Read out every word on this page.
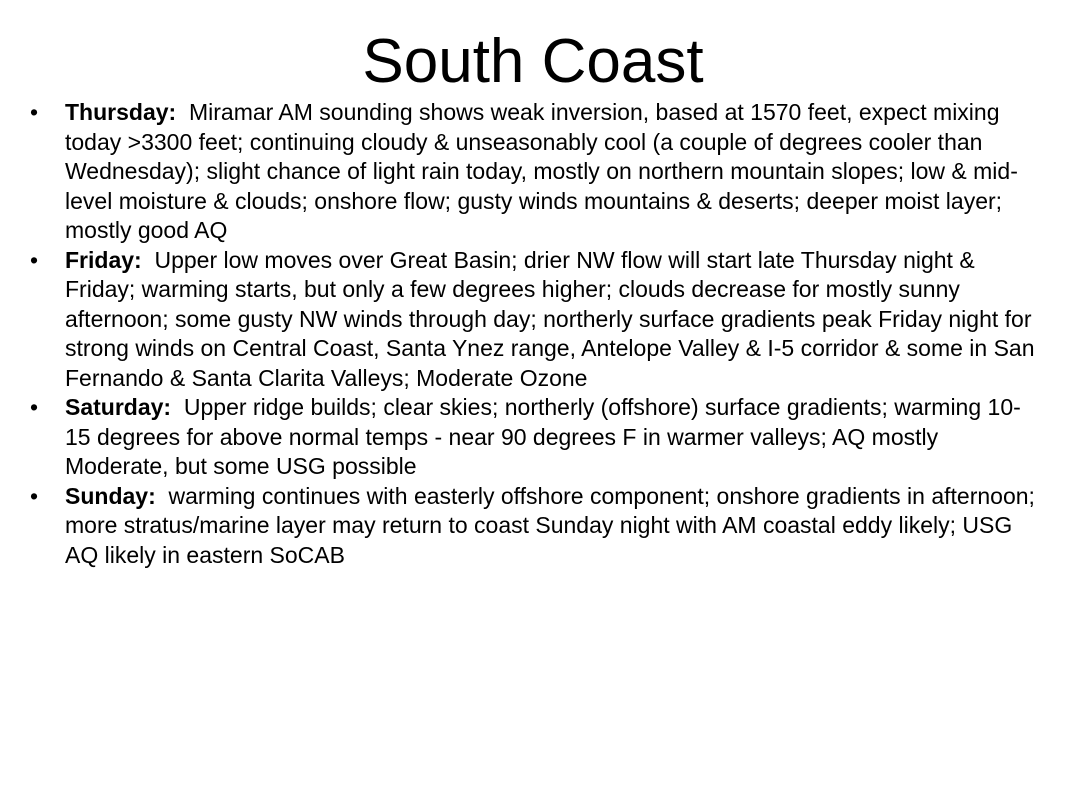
South Coast
•	Thursday: Miramar AM sounding shows weak inversion, based at 1570 feet, expect mixing today >3300 feet; continuing cloudy & unseasonably cool (a couple of degrees cooler than Wednesday); slight chance of light rain today, mostly on northern mountain slopes; low & mid-level moisture & clouds; onshore flow; gusty winds mountains & deserts; deeper moist layer; mostly good AQ
•	Friday: Upper low moves over Great Basin; drier NW flow will start late Thursday night & Friday; warming starts, but only a few degrees higher; clouds decrease for mostly sunny afternoon; some gusty NW winds through day; northerly surface gradients peak Friday night for strong winds on Central Coast, Santa Ynez range, Antelope Valley & I-5 corridor & some in San Fernando & Santa Clarita Valleys; Moderate Ozone
•	Saturday: Upper ridge builds; clear skies; northerly (offshore) surface gradients; warming 10-15 degrees for above normal temps - near 90 degrees F in warmer valleys; AQ mostly Moderate, but some USG possible
•	Sunday: warming continues with easterly offshore component; onshore gradients in afternoon; more stratus/marine layer may return to coast Sunday night with AM coastal eddy likely; USG AQ likely in eastern SoCAB
